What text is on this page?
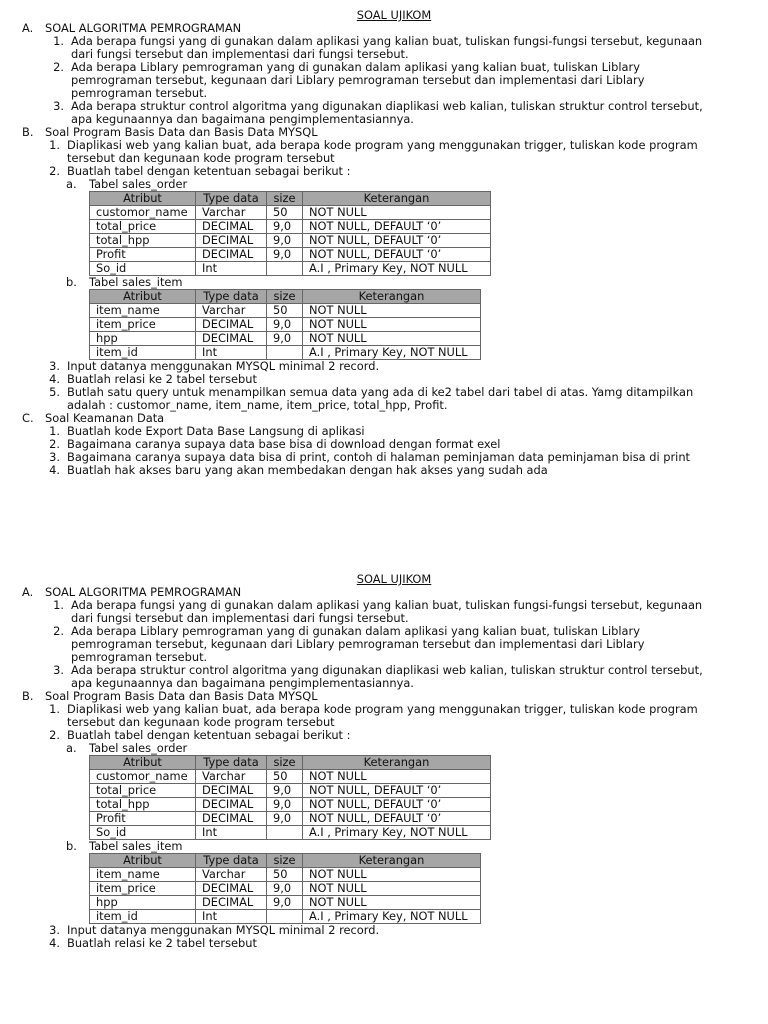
SOAL UJIKOM
A. SOAL ALGORITMA PEMROGRAMAN
1. Ada berapa fungsi yang di gunakan dalam aplikasi yang kalian buat, tuliskan fungsi-fungsi tersebut, kegunaan dari fungsi tersebut dan implementasi dari fungsi tersebut.
2. Ada berapa Liblary pemrograman yang di gunakan dalam aplikasi yang kalian buat, tuliskan Liblary pemrograman tersebut, kegunaan dari Liblary pemrograman tersebut dan implementasi dari Liblary pemrograman tersebut.
3. Ada berapa struktur control algoritma yang digunakan diaplikasi web kalian, tuliskan struktur control tersebut, apa kegunaannya dan bagaimana pengimplementasiannya.
B. Soal Program Basis Data dan Basis Data MYSQL
1. Diaplikasi web yang kalian buat, ada berapa kode program yang menggunakan trigger, tuliskan kode program tersebut dan kegunaan kode program tersebut
2. Buatlah tabel dengan ketentuan sebagai berikut :
a. Tabel sales_order
Atribut	Type data	size	Keterangan
customor_name	Varchar	50	NOT NULL
total_price	DECIMAL	9,0	NOT NULL, DEFAULT ‘0’
total_hpp	DECIMAL	9,0	NOT NULL, DEFAULT ‘0’
Profit	DECIMAL	9,0	NOT NULL, DEFAULT ‘0’
So_id	Int		A.I , Primary Key, NOT NULL
b. Tabel sales_item
Atribut	Type data	size	Keterangan
item_name	Varchar	50	NOT NULL
item_price	DECIMAL	9,0	NOT NULL
hpp	DECIMAL	9,0	NOT NULL
item_id	Int		A.I , Primary Key, NOT NULL
3. Input datanya menggunakan MYSQL minimal 2 record.
4. Buatlah relasi ke 2 tabel tersebut
5. Butlah satu query untuk menampilkan semua data yang ada di ke2 tabel dari tabel di atas. Yamg ditampilkan adalah : customor_name, item_name, item_price, total_hpp, Profit.
C. Soal Keamanan Data
1. Buatlah kode Export Data Base Langsung di aplikasi
2. Bagaimana caranya supaya data base bisa di download dengan format exel
3. Bagaimana caranya supaya data bisa di print, contoh di halaman peminjaman data peminjaman bisa di print
4. Buatlah hak akses baru yang akan membedakan dengan hak akses yang sudah ada
SOAL UJIKOM
A. SOAL ALGORITMA PEMROGRAMAN
1. Ada berapa fungsi yang di gunakan dalam aplikasi yang kalian buat, tuliskan fungsi-fungsi tersebut, kegunaan dari fungsi tersebut dan implementasi dari fungsi tersebut.
2. Ada berapa Liblary pemrograman yang di gunakan dalam aplikasi yang kalian buat, tuliskan Liblary pemrograman tersebut, kegunaan dari Liblary pemrograman tersebut dan implementasi dari Liblary pemrograman tersebut.
3. Ada berapa struktur control algoritma yang digunakan diaplikasi web kalian, tuliskan struktur control tersebut, apa kegunaannya dan bagaimana pengimplementasiannya.
B. Soal Program Basis Data dan Basis Data MYSQL
1. Diaplikasi web yang kalian buat, ada berapa kode program yang menggunakan trigger, tuliskan kode program tersebut dan kegunaan kode program tersebut
2. Buatlah tabel dengan ketentuan sebagai berikut :
a. Tabel sales_order
Atribut	Type data	size	Keterangan
customor_name	Varchar	50	NOT NULL
total_price	DECIMAL	9,0	NOT NULL, DEFAULT ‘0’
total_hpp	DECIMAL	9,0	NOT NULL, DEFAULT ‘0’
Profit	DECIMAL	9,0	NOT NULL, DEFAULT ‘0’
So_id	Int		A.I , Primary Key, NOT NULL
b. Tabel sales_item
Atribut	Type data	size	Keterangan
item_name	Varchar	50	NOT NULL
item_price	DECIMAL	9,0	NOT NULL
hpp	DECIMAL	9,0	NOT NULL
item_id	Int		A.I , Primary Key, NOT NULL
3. Input datanya menggunakan MYSQL minimal 2 record.
4. Buatlah relasi ke 2 tabel tersebut
